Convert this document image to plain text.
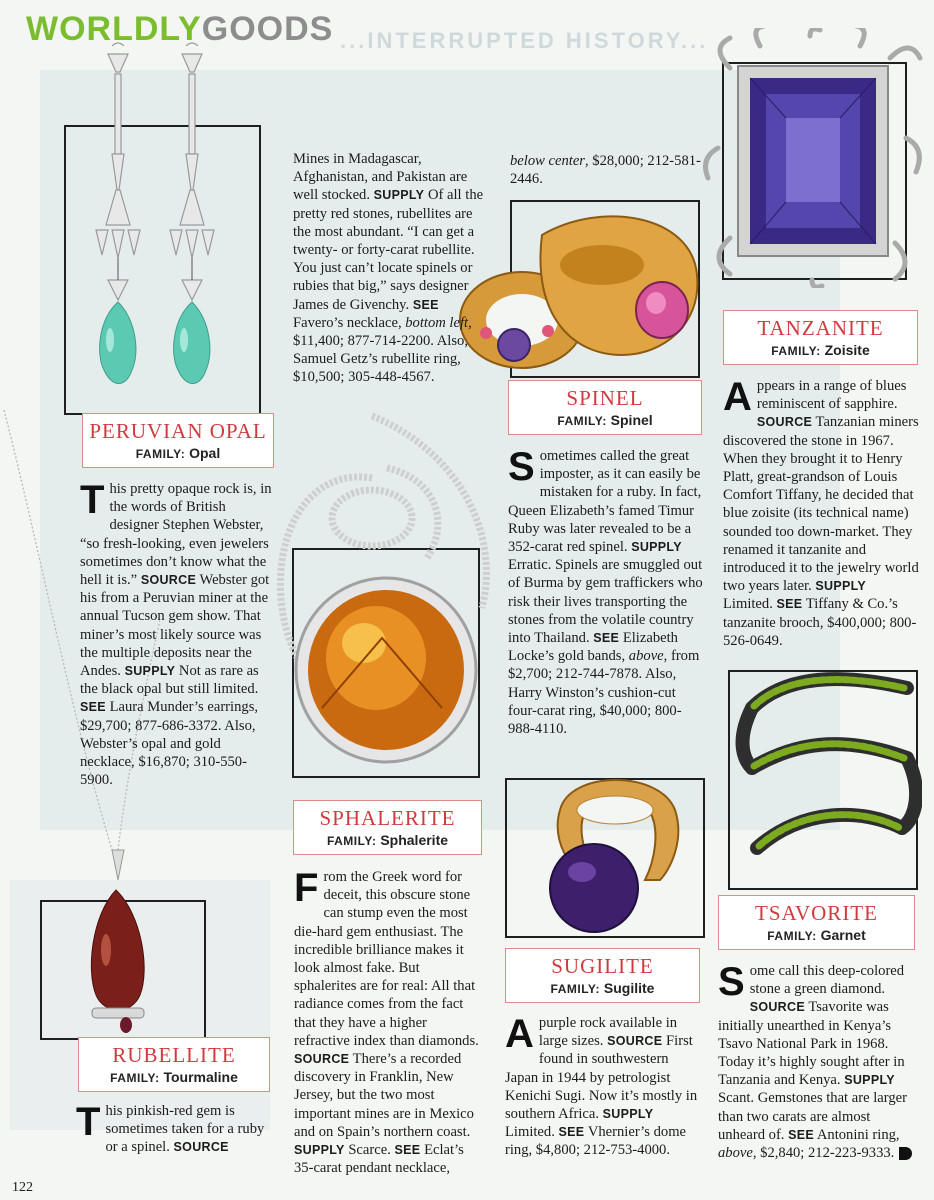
...INTERRUPTED HISTORY...
WORLDLYGOODS
PERUVIAN OPAL
FAMILY: Opal
RUBELLITE
FAMILY: Tourmaline
SPHALERITE
FAMILY: Sphalerite
SPINEL
FAMILY: Spinel
TANZANITE
FAMILY: Zoisite
SUGILITE
FAMILY: Sugilite
TSAVORITE
FAMILY: Garnet

This pretty opaque rock is, in the words of British designer Stephen Webster, “so fresh-looking, even jewelers sometimes don’t know what the hell it is.” SOURCE Webster got his from a Peruvian miner at the annual Tucson gem show. That miner’s most likely source was the multiple deposits near the Andes. SUPPLY Not as rare as the black opal but still limited. SEE Laura Munder’s earrings, $29,700; 877-686-3372. Also, Webster’s opal and gold necklace, $16,870; 310-550-5900.

This pinkish-red gem is sometimes taken for a ruby or a spinel. SOURCE

Mines in Madagascar, Afghanistan, and Pakistan are well stocked. SUPPLY Of all the pretty red stones, rubellites are the most abundant. “I can get a twenty- or forty-carat rubellite. You just can’t locate spinels or rubies that big,” says designer James de Givenchy. SEE Favero’s necklace, bottom left, $11,400; 877-714-2200. Also, Samuel Getz’s rubellite ring, $10,500; 305-448-4567.

From the Greek word for deceit, this obscure stone can stump even the most die-hard gem enthusiast. The incredible brilliance makes it look almost fake. But sphalerites are for real: All that radiance comes from the fact that they have a higher refractive index than diamonds. SOURCE There’s a recorded discovery in Franklin, New Jersey, but the two most important mines are in Mexico and on Spain’s northern coast. SUPPLY Scarce. SEE Eclat’s 35-carat pendant necklace,

below center, $28,000; 212-581-2446.

Sometimes called the great imposter, as it can easily be mistaken for a ruby. In fact, Queen Elizabeth’s famed Timur Ruby was later revealed to be a 352-carat red spinel. SUPPLY Erratic. Spinels are smuggled out of Burma by gem traffickers who risk their lives transporting the stones from the volatile country into Thailand. SEE Elizabeth Locke’s gold bands, above, from $2,700; 212-744-7878. Also, Harry Winston’s cushion-cut four-carat ring, $40,000; 800-988-4110.

Appears in a range of blues reminiscent of sapphire. SOURCE Tanzanian miners discovered the stone in 1967. When they brought it to Henry Platt, great-grandson of Louis Comfort Tiffany, he decided that blue zoisite (its technical name) sounded too down-market. They renamed it tanzanite and introduced it to the jewelry world two years later. SUPPLY Limited. SEE Tiffany & Co.’s tanzanite brooch, $400,000; 800-526-0649.

A purple rock available in large sizes. SOURCE First found in southwestern Japan in 1944 by petrologist Kenichi Sugi. Now it’s mostly in southern Africa. SUPPLY Limited. SEE Vhernier’s dome ring, $4,800; 212-753-4000.

Some call this deep-colored stone a green diamond. SOURCE Tsavorite was initially unearthed in Kenya’s Tsavo National Park in 1968. Today it’s highly sought after in Tanzania and Kenya. SUPPLY Scant. Gemstones that are larger than two carats are almost unheard of. SEE Antonini ring, above, $2,840; 212-223-9333.

122
